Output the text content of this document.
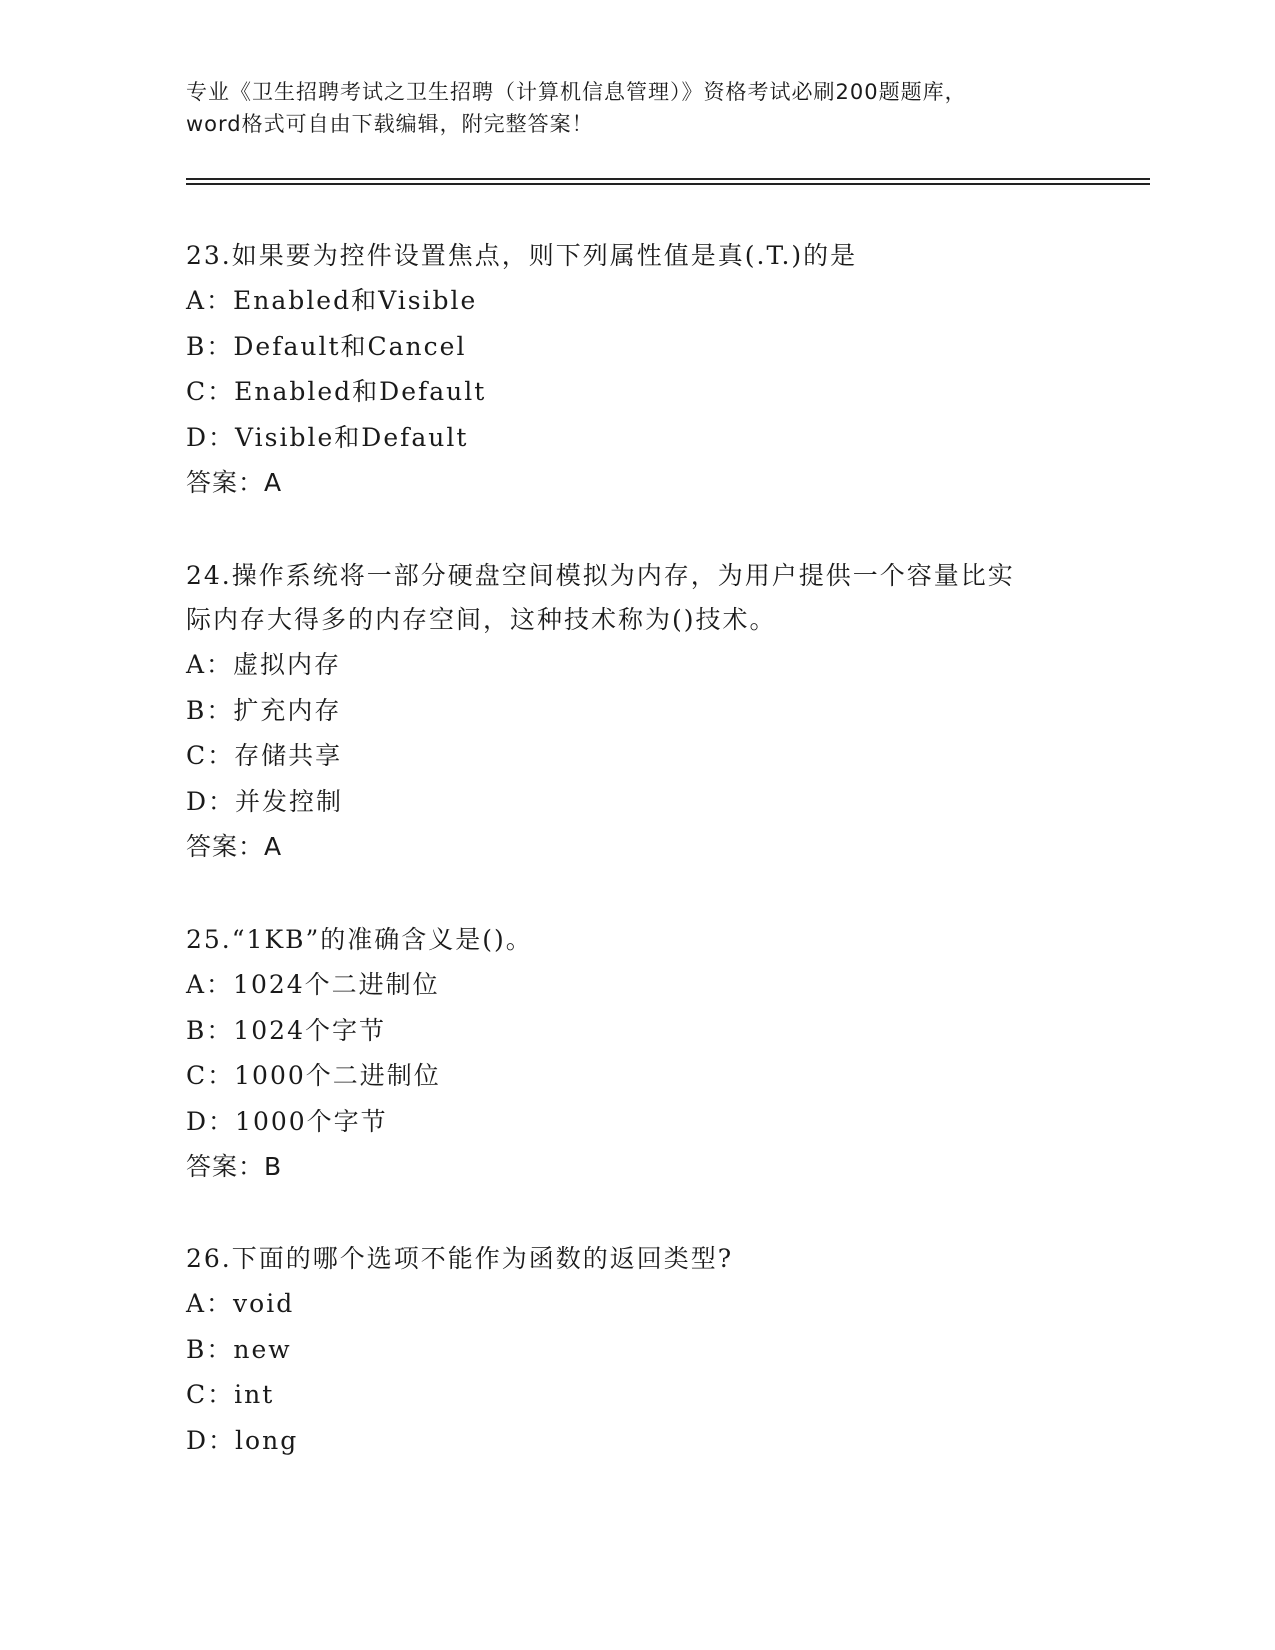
专业《卫生招聘考试之卫生招聘（计算机信息管理）》资格考试必刷200题题库，
word格式可自由下载编辑，附完整答案！
23.如果要为控件设置焦点，则下列属性值是真(.T.)的是
A：Enabled和Visible
B：Default和Cancel
C：Enabled和Default
D：Visible和Default
答案：A
24.操作系统将一部分硬盘空间模拟为内存，为用户提供一个容量比实
际内存大得多的内存空间，这种技术称为()技术。
A：虚拟内存
B：扩充内存
C：存储共享
D：并发控制
答案：A
25.“1KB”的准确含义是()。
A：1024个二进制位
B：1024个字节
C：1000个二进制位
D：1000个字节
答案：B
26.下面的哪个选项不能作为函数的返回类型?
A：void
B：new
C：int
D：long
